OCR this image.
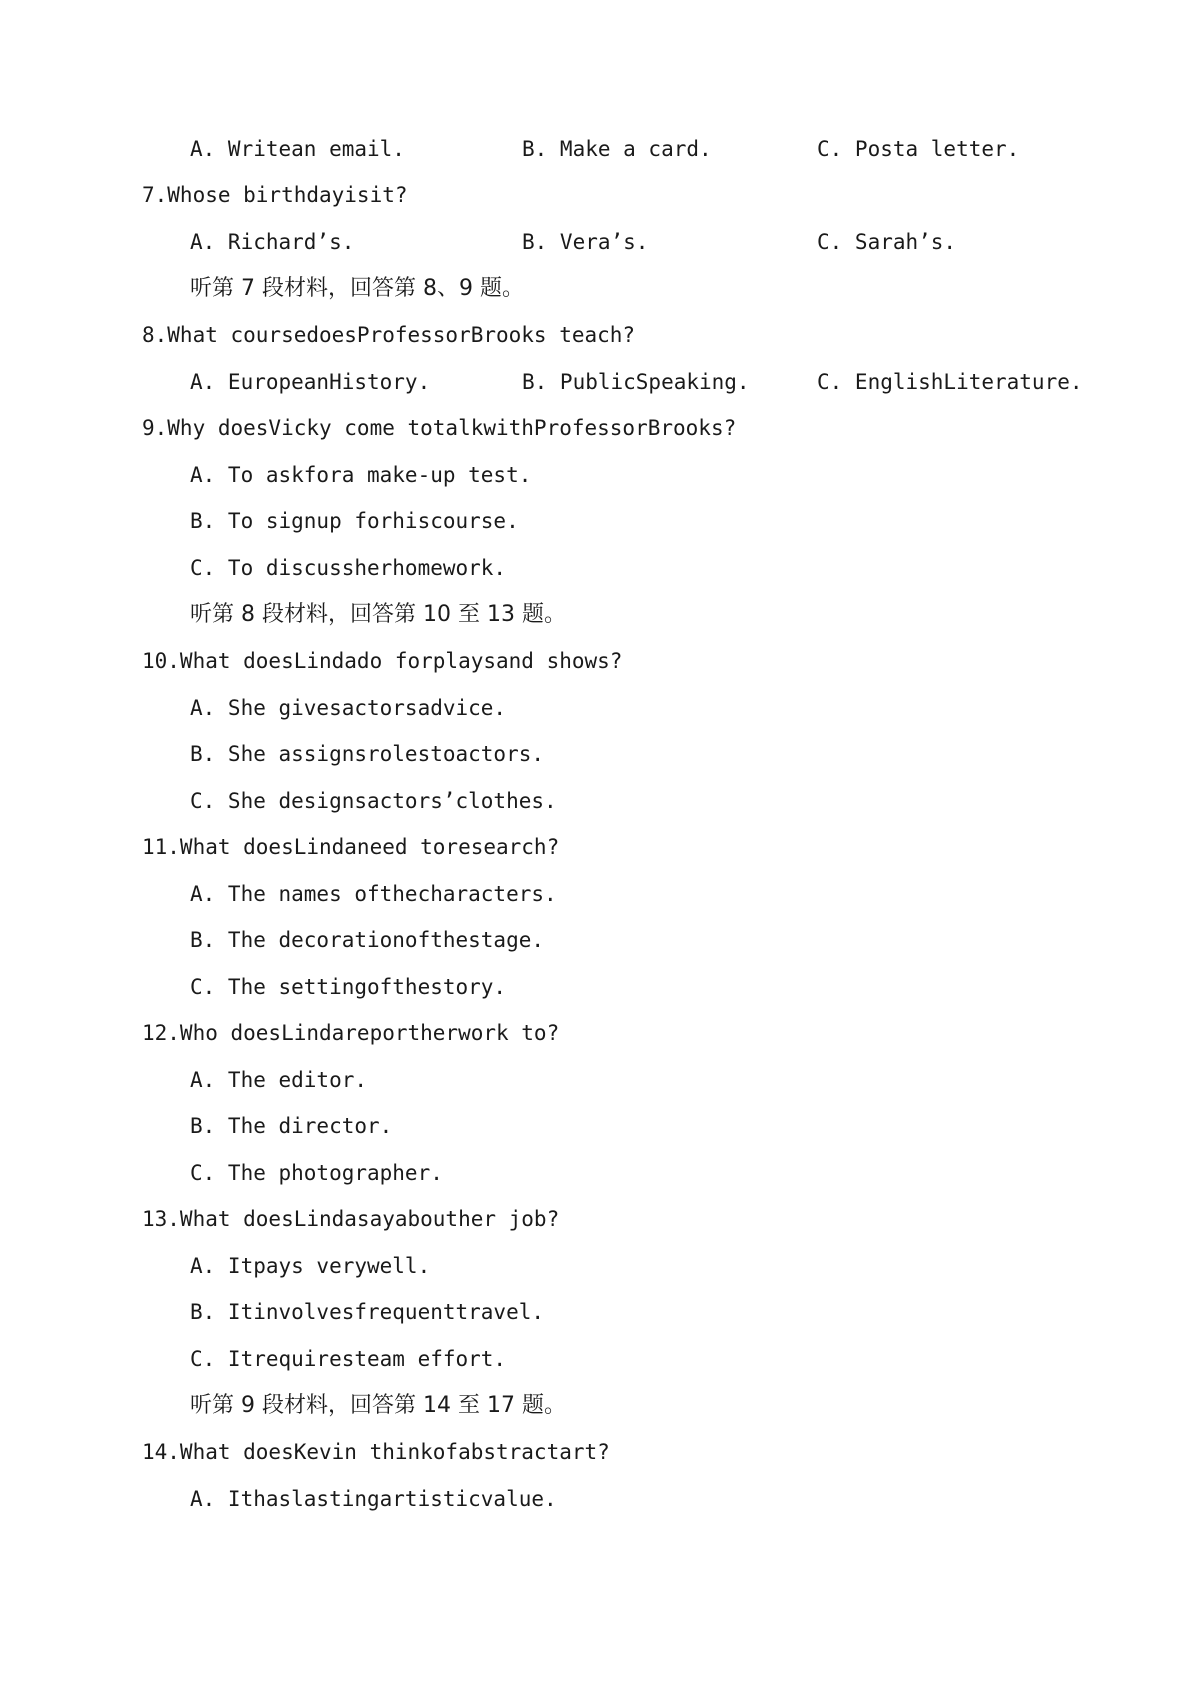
A. Writean email.	B. Make a card.	C. Posta letter.
7.Whose birthdayisit?
A. Richard’s.	B. Vera’s.	C. Sarah’s.
听第 7 段材料，回答第 8、9 题。
8.What coursedoesProfessorBrooks teach?
A. EuropeanHistory.	B. PublicSpeaking.	C. EnglishLiterature.
9.Why doesVicky come totalkwithProfessorBrooks?
A. To askfora make-up test.
B. To signup forhiscourse.
C. To discussherhomework.
听第 8 段材料，回答第 10 至 13 题。
10.What doesLindado forplaysand shows?
A. She givesactorsadvice.
B. She assignsrolestoactors.
C. She designsactors’clothes.
11.What doesLindaneed toresearch?
A. The names ofthecharacters.
B. The decorationofthestage.
C. The settingofthestory.
12.Who doesLindareportherwork to?
A. The editor.
B. The director.
C. The photographer.
13.What doesLindasayabouther job?
A. Itpays verywell.
B. Itinvolvesfrequenttravel.
C. Itrequiresteam effort.
听第 9 段材料，回答第 14 至 17 题。
14.What doesKevin thinkofabstractart?
A. Ithaslastingartisticvalue.
